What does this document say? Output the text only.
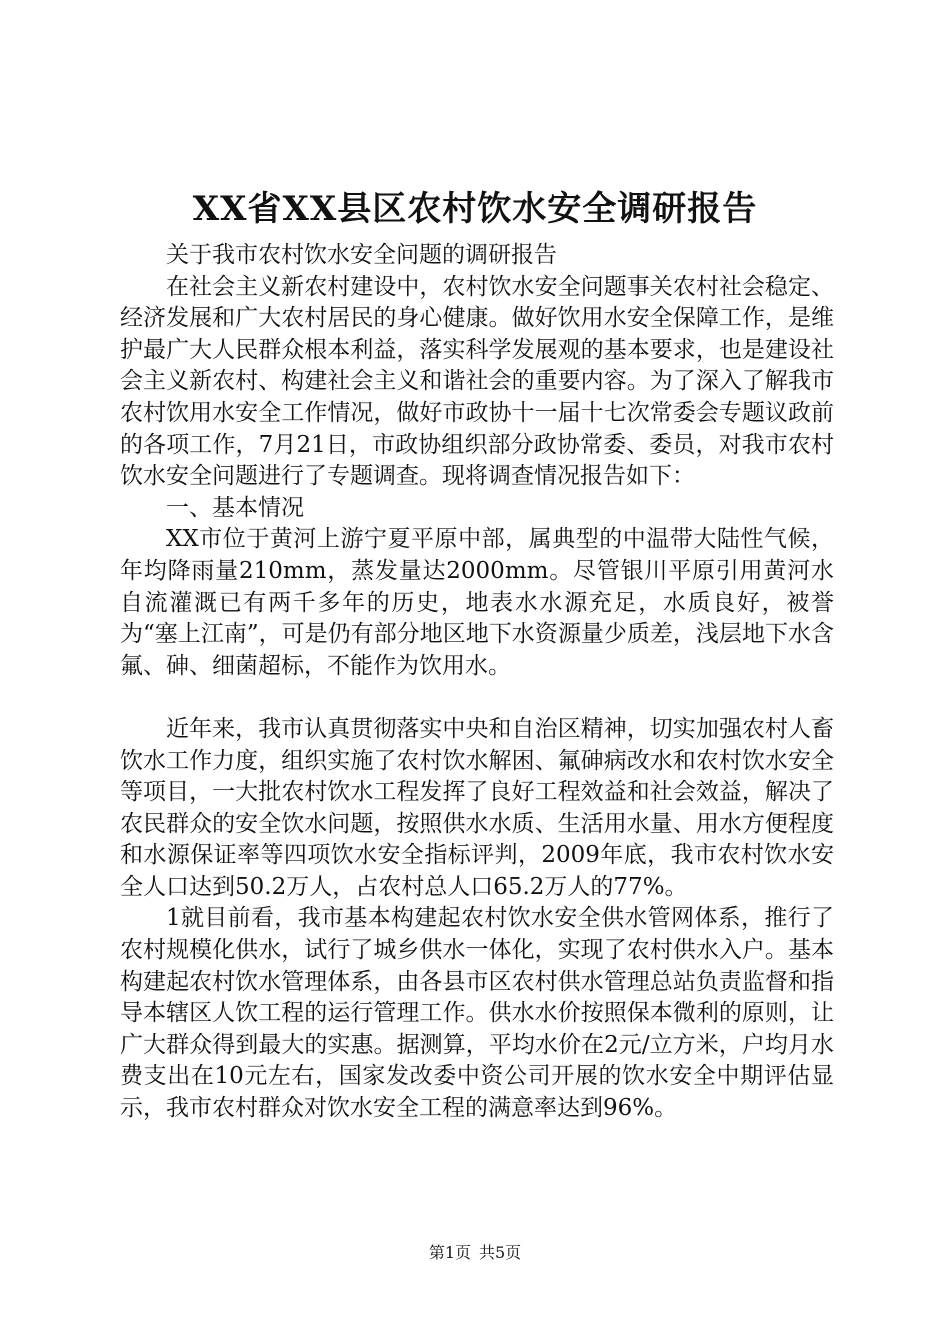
XX省XX县区农村饮水安全调研报告

关于我市农村饮水安全问题的调研报告

在社会主义新农村建设中，农村饮水安全问题事关农村社会稳定、经济发展和广大农村居民的身心健康。做好饮用水安全保障工作，是维护最广大人民群众根本利益，落实科学发展观的基本要求，也是建设社会主义新农村、构建社会主义和谐社会的重要内容。为了深入了解我市农村饮用水安全工作情况，做好市政协十一届十七次常委会专题议政前的各项工作，7月21日，市政协组织部分政协常委、委员，对我市农村饮水安全问题进行了专题调查。现将调查情况报告如下：

一、基本情况

XX市位于黄河上游宁夏平原中部，属典型的中温带大陆性气候，年均降雨量210mm，蒸发量达2000mm。尽管银川平原引用黄河水自流灌溉已有两千多年的历史，地表水水源充足，水质良好，被誉为“塞上江南”，可是仍有部分地区地下水资源量少质差，浅层地下水含氟、砷、细菌超标，不能作为饮用水。

近年来，我市认真贯彻落实中央和自治区精神，切实加强农村人畜饮水工作力度，组织实施了农村饮水解困、氟砷病改水和农村饮水安全等项目，一大批农村饮水工程发挥了良好工程效益和社会效益，解决了农民群众的安全饮水问题，按照供水水质、生活用水量、用水方便程度和水源保证率等四项饮水安全指标评判，2009年底，我市农村饮水安全人口达到50.2万人，占农村总人口65.2万人的77%。

1就目前看，我市基本构建起农村饮水安全供水管网体系，推行了农村规模化供水，试行了城乡供水一体化，实现了农村供水入户。基本构建起农村饮水管理体系，由各县市区农村供水管理总站负责监督和指导本辖区人饮工程的运行管理工作。供水水价按照保本微利的原则，让广大群众得到最大的实惠。据测算，平均水价在2元/立方米，户均月水费支出在10元左右，国家发改委中资公司开展的饮水安全中期评估显示，我市农村群众对饮水安全工程的满意率达到96%。

第1页 共5页
